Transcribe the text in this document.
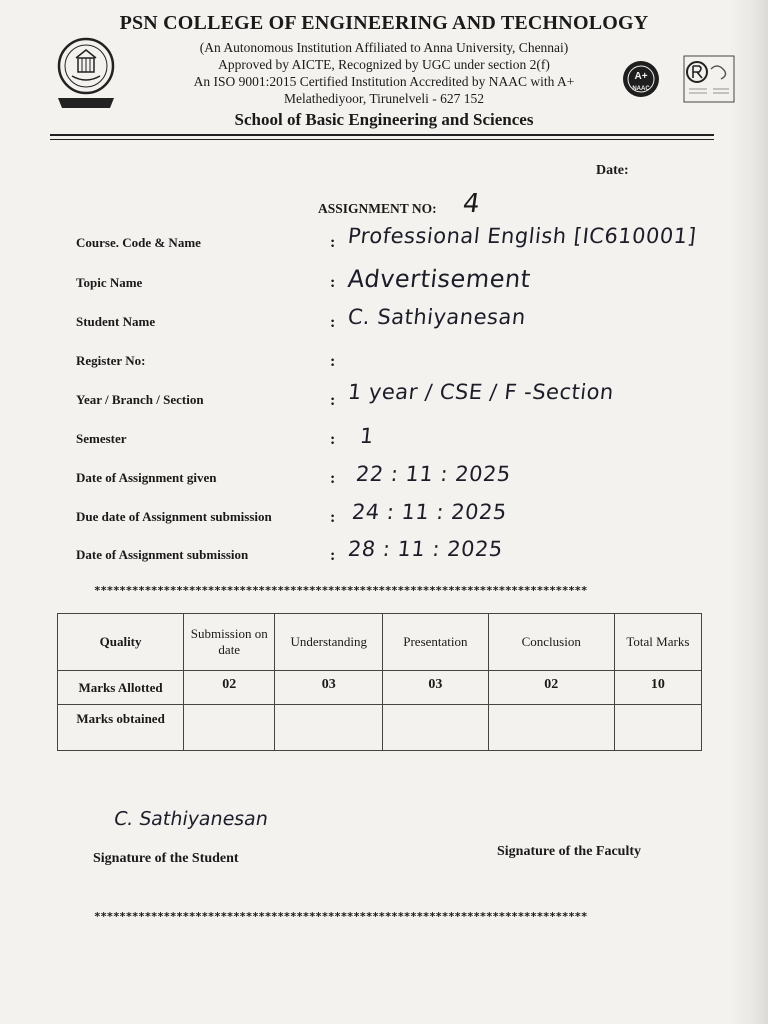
PSN COLLEGE OF ENGINEERING AND TECHNOLOGY
(An Autonomous Institution Affiliated to Anna University, Chennai)
Approved by AICTE, Recognized by UGC under section 2(f)
An ISO 9001:2015 Certified Institution Accredited by NAAC with A+
Melathediyoor, Tirunelveli - 627 152
School of Basic Engineering and Sciences
A+
NAAC
Date:
ASSIGNMENT NO: 4
Course. Code & Name	: Professional English [IC610001]
Topic Name	: Advertisement
Student Name	: C. Sathiyanesan
Register No:	:
Year / Branch / Section	: 1 year / CSE / F -Section
Semester	: 1
Date of Assignment given	: 22 : 11 : 2025
Due date of Assignment submission	: 24 : 11 : 2025
Date of Assignment submission	: 28 : 11 : 2025
******************************************************************************
Quality	Submission on date	Understanding	Presentation	Conclusion	Total Marks
Marks Allotted	02	03	03	02	10
Marks obtained					
C. Sathiyanesan
Signature of the Student	Signature of the Faculty
******************************************************************************
